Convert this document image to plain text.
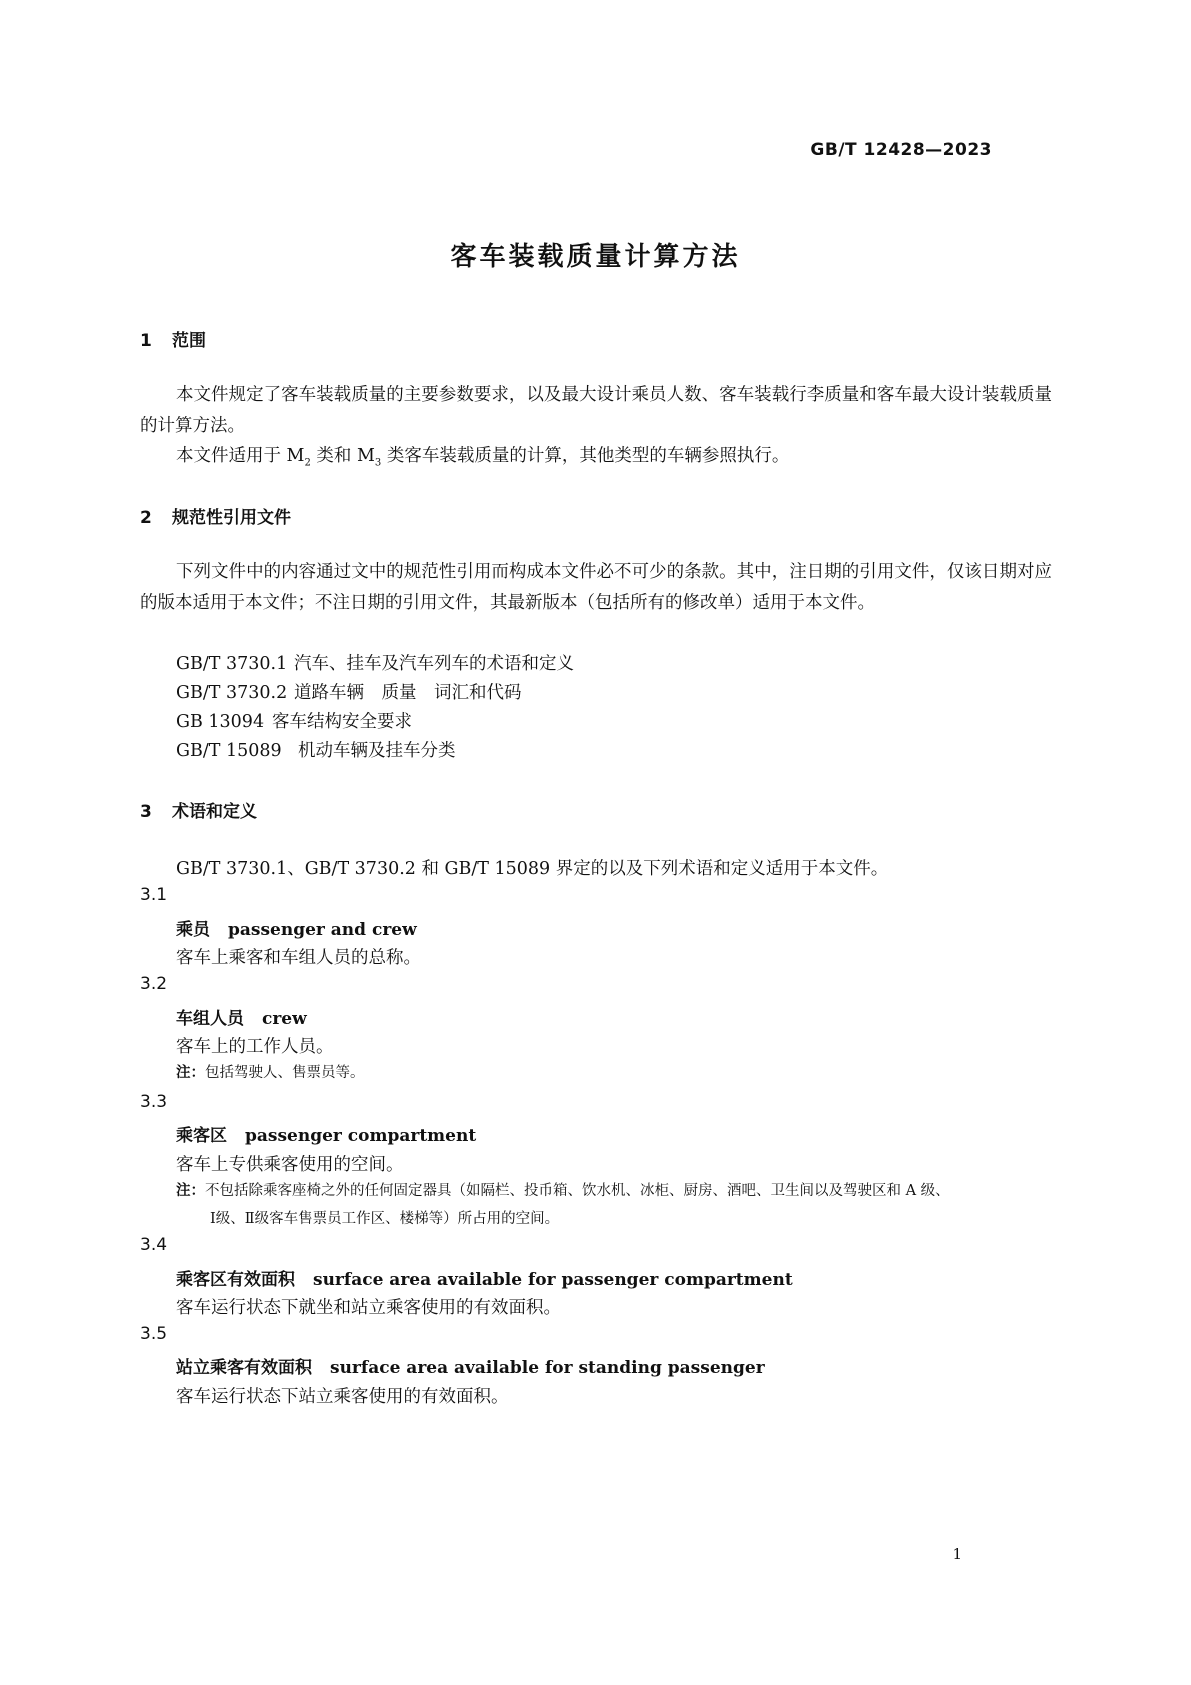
GB/T 12428—2023
客车装载质量计算方法
1 范围
本文件规定了客车装载质量的主要参数要求，以及最大设计乘员人数、客车装载行李质量和客车最大设计装载质量的计算方法。
本文件适用于 $M_2$ 类和 $M_3$ 类客车装载质量的计算，其他类型的车辆参照执行。
2 规范性引用文件
下列文件中的内容通过文中的规范性引用而构成本文件必不可少的条款。其中，注日期的引用文件，仅该日期对应的版本适用于本文件；不注日期的引用文件，其最新版本（包括所有的修改单）适用于本文件。
GB/T 3730.1 汽车、挂车及汽车列车的术语和定义
GB/T 3730.2 道路车辆　质量　词汇和代码
GB 13094 客车结构安全要求
GB/T 15089 机动车辆及挂车分类
3 术语和定义
GB/T 3730.1、GB/T 3730.2 和 GB/T 15089 界定的以及下列术语和定义适用于本文件。
3.1
乘员 passenger and crew
客车上乘客和车组人员的总称。
3.2
车组人员 crew
客车上的工作人员。
注：包括驾驶人、售票员等。
3.3
乘客区 passenger compartment
客车上专供乘客使用的空间。
注：不包括除乘客座椅之外的任何固定器具（如隔栏、投币箱、饮水机、冰柜、厨房、酒吧、卫生间以及驾驶区和 A 级、
Ⅰ级、Ⅱ级客车售票员工作区、楼梯等）所占用的空间。
3.4
乘客区有效面积 surface area available for passenger compartment
客车运行状态下就坐和站立乘客使用的有效面积。
3.5
站立乘客有效面积 surface area available for standing passenger
客车运行状态下站立乘客使用的有效面积。
1
